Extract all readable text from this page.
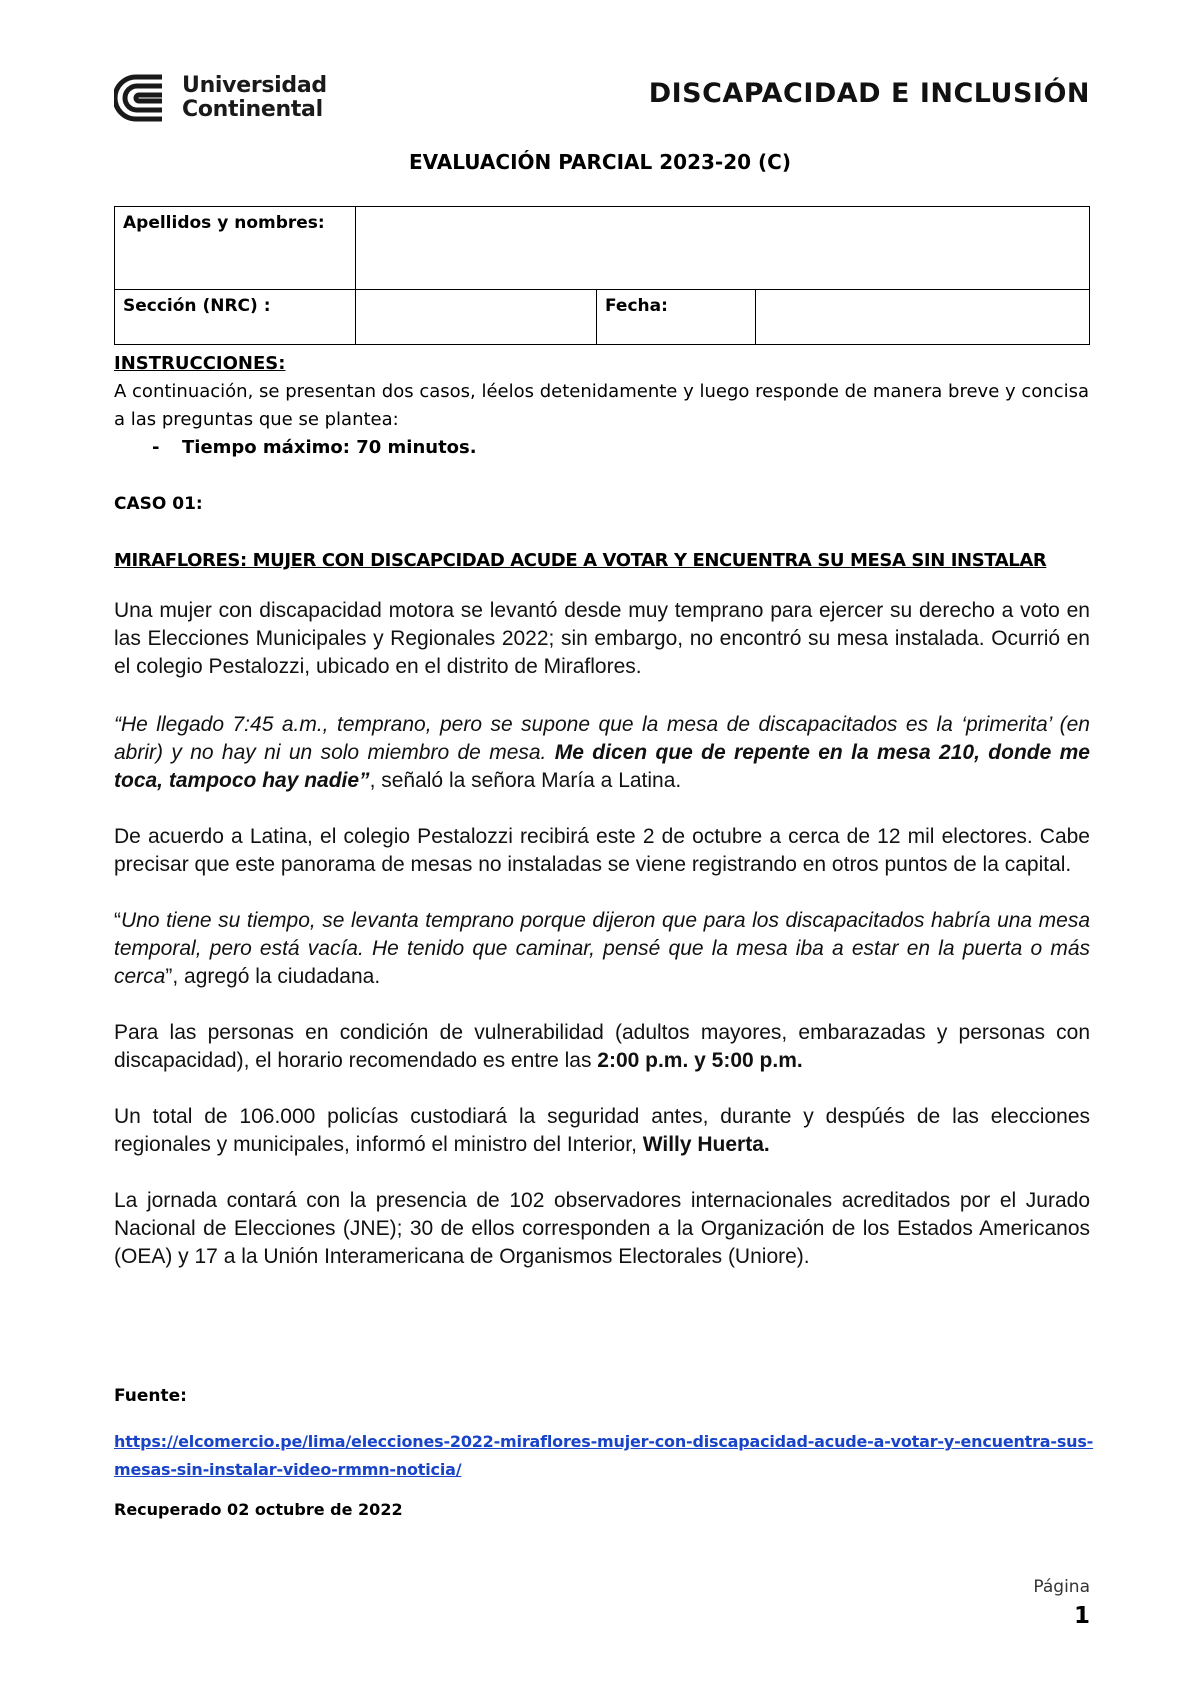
Universidad
Continental
DISCAPACIDAD E INCLUSIÓN
EVALUACIÓN PARCIAL 2023-20 (C)
Apellidos y nombres:			
Sección (NRC) :		Fecha:	
INSTRUCCIONES:
A continuación, se presentan dos casos, léelos detenidamente y luego responde de manera breve y concisa a las preguntas que se plantea:
- Tiempo máximo: 70 minutos.
CASO 01:
MIRAFLORES: MUJER CON DISCAPCIDAD ACUDE A VOTAR Y ENCUENTRA SU MESA SIN INSTALAR

Una mujer con discapacidad motora se levantó desde muy temprano para ejercer su derecho a voto en las Elecciones Municipales y Regionales 2022; sin embargo, no encontró su mesa instalada. Ocurrió en el colegio Pestalozzi, ubicado en el distrito de Miraflores.

“He llegado 7:45 a.m., temprano, pero se supone que la mesa de discapacitados es la ‘primerita’ (en abrir) y no hay ni un solo miembro de mesa. Me dicen que de repente en la mesa 210, donde me toca, tampoco hay nadie”, señaló la señora María a Latina.

De acuerdo a Latina, el colegio Pestalozzi recibirá este 2 de octubre a cerca de 12 mil electores. Cabe precisar que este panorama de mesas no instaladas se viene registrando en otros puntos de la capital.

“Uno tiene su tiempo, se levanta temprano porque dijeron que para los discapacitados habría una mesa temporal, pero está vacía. He tenido que caminar, pensé que la mesa iba a estar en la puerta o más cerca”, agregó la ciudadana.

Para las personas en condición de vulnerabilidad (adultos mayores, embarazadas y personas con discapacidad), el horario recomendado es entre las 2:00 p.m. y 5:00 p.m.

Un total de 106.000 policías custodiará la seguridad antes, durante y despúés de las elecciones regionales y municipales, informó el ministro del Interior, Willy Huerta.

La jornada contará con la presencia de 102 observadores internacionales acreditados por el Jurado Nacional de Elecciones (JNE); 30 de ellos corresponden a la Organización de los Estados Americanos (OEA) y 17 a la Unión Interamericana de Organismos Electorales (Uniore).

Fuente:
https://elcomercio.pe/lima/elecciones-2022-miraflores-mujer-con-discapacidad-acude-a-votar-y-encuentra-sus-mesas-sin-instalar-video-rmmn-noticia/
Recuperado 02 octubre de 2022
Página
1
